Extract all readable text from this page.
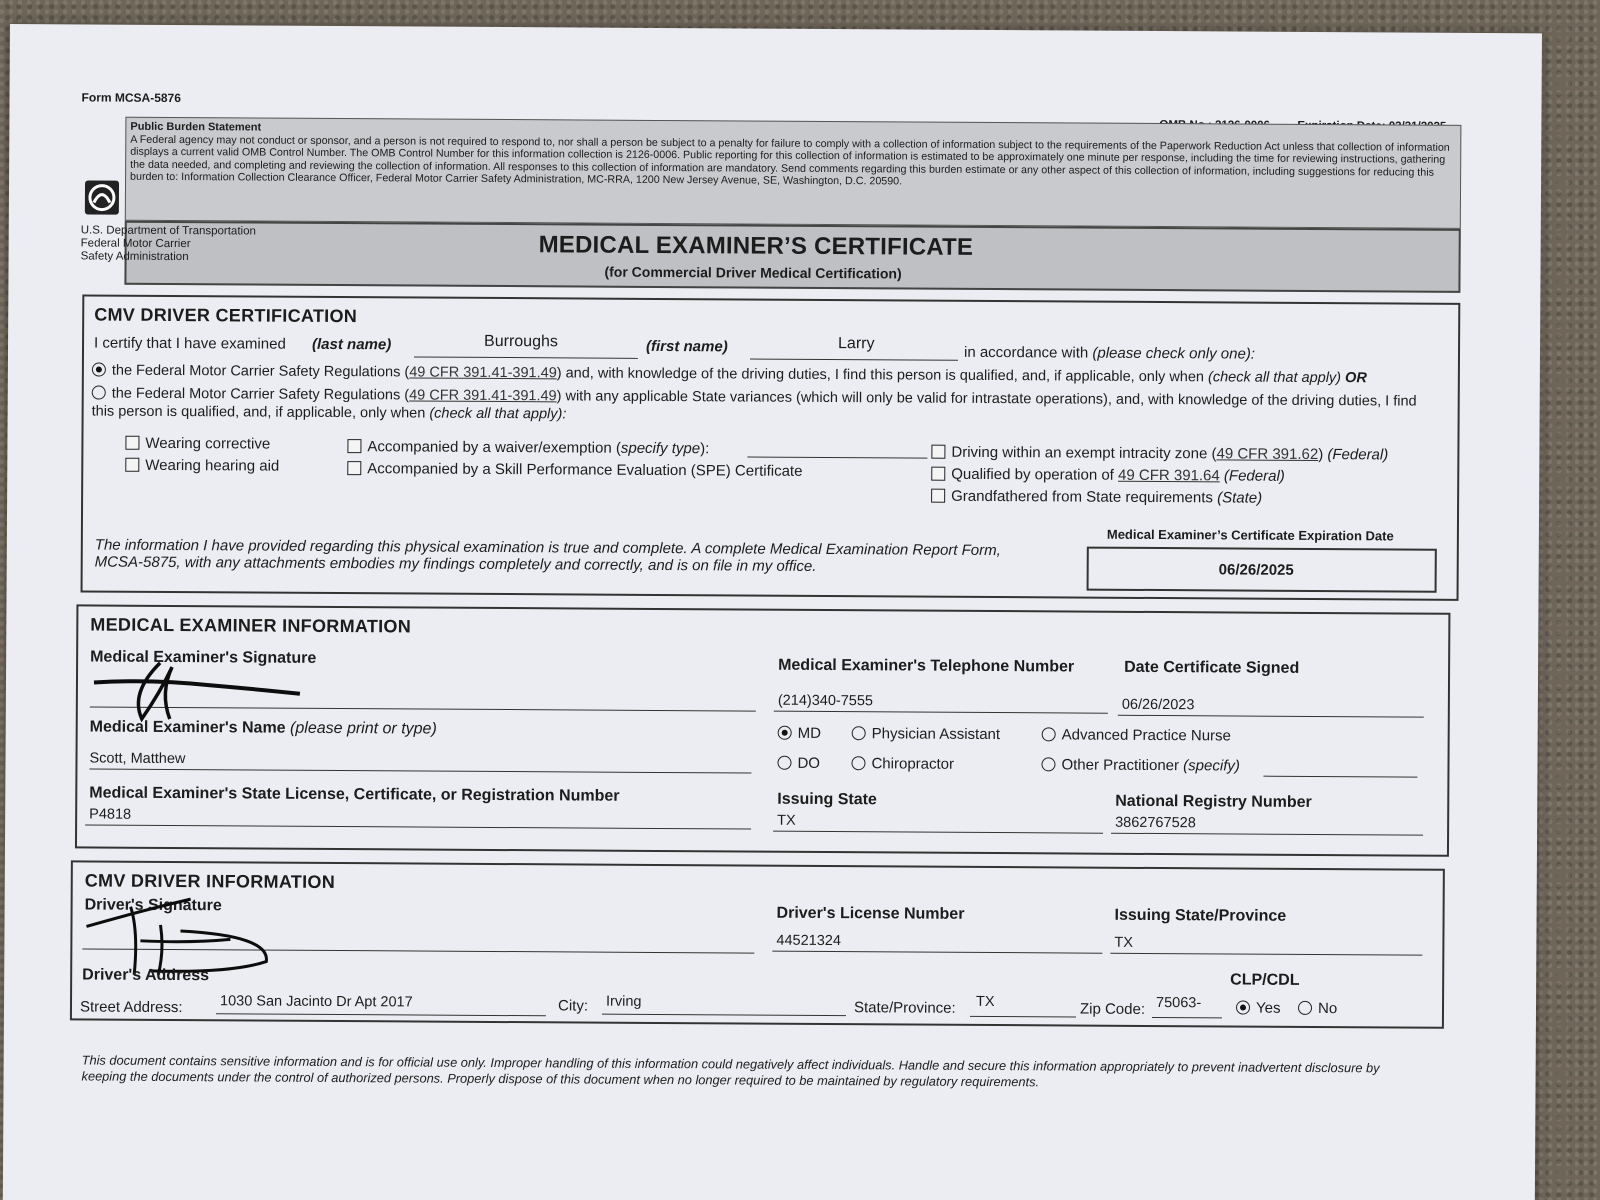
Form MCSA-5876
Public Burden Statement
A Federal agency may not conduct or sponsor, and a person is not required to respond to, nor shall a person be subject to a penalty for failure to comply with a collection of information subject to the requirements of the Paperwork Reduction Act unless that collection of information displays a current valid OMB Control Number. The OMB Control Number for this information collection is 2126-0006. Public reporting for this collection of information is estimated to be approximately one minute per response, including the time for reviewing instructions, gathering the data needed, and completing and reviewing the collection of information. All responses to this collection of information are mandatory. Send comments regarding this burden estimate or any other aspect of this collection of information, including suggestions for reducing this burden to: Information Collection Clearance Officer, Federal Motor Carrier Safety Administration, MC-RRA, 1200 New Jersey Avenue, SE, Washington, D.C. 20590.
U.S. Department of Transportation
Federal Motor Carrier
Safety Administration	MEDICAL EXAMINER’S CERTIFICATE
(for Commercial Driver Medical Certification)
CMV DRIVER CERTIFICATION
I certify that I have examined (last name)	Burroughs	(first name)	Larry
in accordance with (please check only one):
the Federal Motor Carrier Safety Regulations (49 CFR 391.41-391.49) and, with knowledge of the driving duties, I find this person is qualified, and, if applicable, only when (check all that apply) OR
the Federal Motor Carrier Safety Regulations (49 CFR 391.41-391.49) with any applicable State variances (which will only be valid for intrastate operations), and, with knowledge of the driving duties, I find this person is qualified, and, if applicable, only when (check all that apply):
Wearing corrective
Wearing hearing aid
Accompanied by a waiver/exemption (specify type):
Accompanied by a Skill Performance Evaluation (SPE) Certificate
Driving within an exempt intracity zone (49 CFR 391.62) (Federal)
Qualified by operation of 49 CFR 391.64 (Federal)
Grandfathered from State requirements (State)
The information I have provided regarding this physical examination is true and complete. A complete Medical Examination Report Form, MCSA-5875, with any attachments embodies my findings completely and correctly, and is on file in my office.
Medical Examiner’s Certificate Expiration Date
06/26/2025
MEDICAL EXAMINER INFORMATION
Medical Examiner's Signature
Medical Examiner's Name (please print or type)
Scott, Matthew
Medical Examiner's State License, Certificate, or Registration Number
P4818
Medical Examiner's Telephone Number
(214)340-7555
Date Certificate Signed
06/26/2023
MD	Physician Assistant	Advanced Practice Nurse
DO	Chiropractor	Other Practitioner (specify)
Issuing State
TX
National Registry Number
3862767528
CMV DRIVER INFORMATION
Driver's Signature	Driver's License Number
44521324
Issuing State/Province
TX
Driver's Address	CLP/CDL
Street Address:	1030 San Jacinto Dr Apt 2017	City: Irving	State/Province: TX	Zip Code: 75063-	Yes	No
This document contains sensitive information and is for official use only. Improper handling of this information could negatively affect individuals. Handle and secure this information appropriately to prevent inadvertent disclosure by keeping the documents under the control of authorized persons. Properly dispose of this document when no longer required to be maintained by regulatory requirements.
